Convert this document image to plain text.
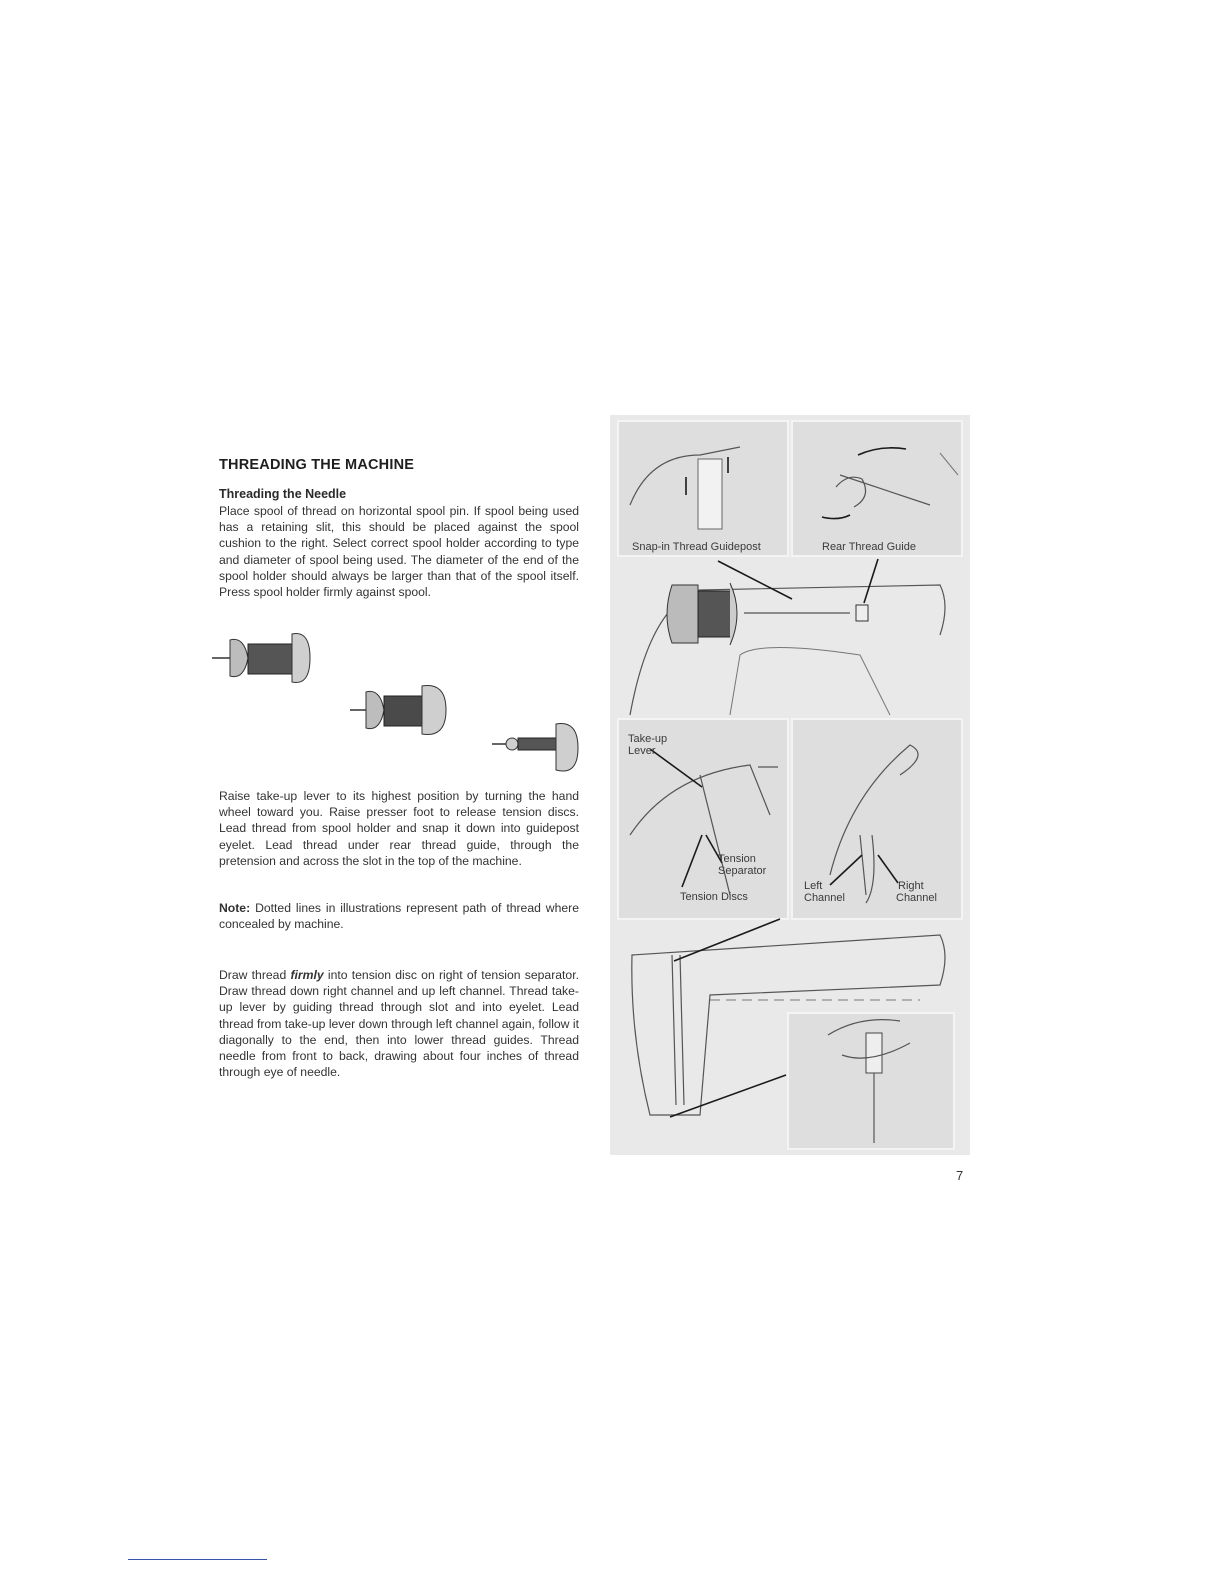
THREADING THE MACHINE
Threading the Needle

Place spool of thread on horizontal spool pin. If spool being used has a retaining slit, this should be placed against the spool cushion to the right. Select correct spool holder according to type and diameter of spool being used. The diameter of the end of the spool holder should always be larger than that of the spool itself. Press spool holder firmly against spool.

Raise take-up lever to its highest position by turning the hand wheel toward you. Raise presser foot to release tension discs. Lead thread from spool holder and snap it down into guidepost eyelet. Lead thread under rear thread guide, through the pretension and across the slot in the top of the machine.

Note: Dotted lines in illustrations represent path of thread where concealed by machine.

Draw thread firmly into tension disc on right of tension separator. Draw thread down right channel and up left channel. Thread take-up lever by guiding thread through slot and into eyelet. Lead thread from take-up lever down through left channel again, follow it diagonally to the end, then into lower thread guides. Thread needle from front to back, drawing about four inches of thread through eye of needle.

Snap-in Thread Guidepost	Rear Thread Guide
Take-up
Lever
Tension
Separator
Tension Discs
Left
Channel
Right
Channel

7
